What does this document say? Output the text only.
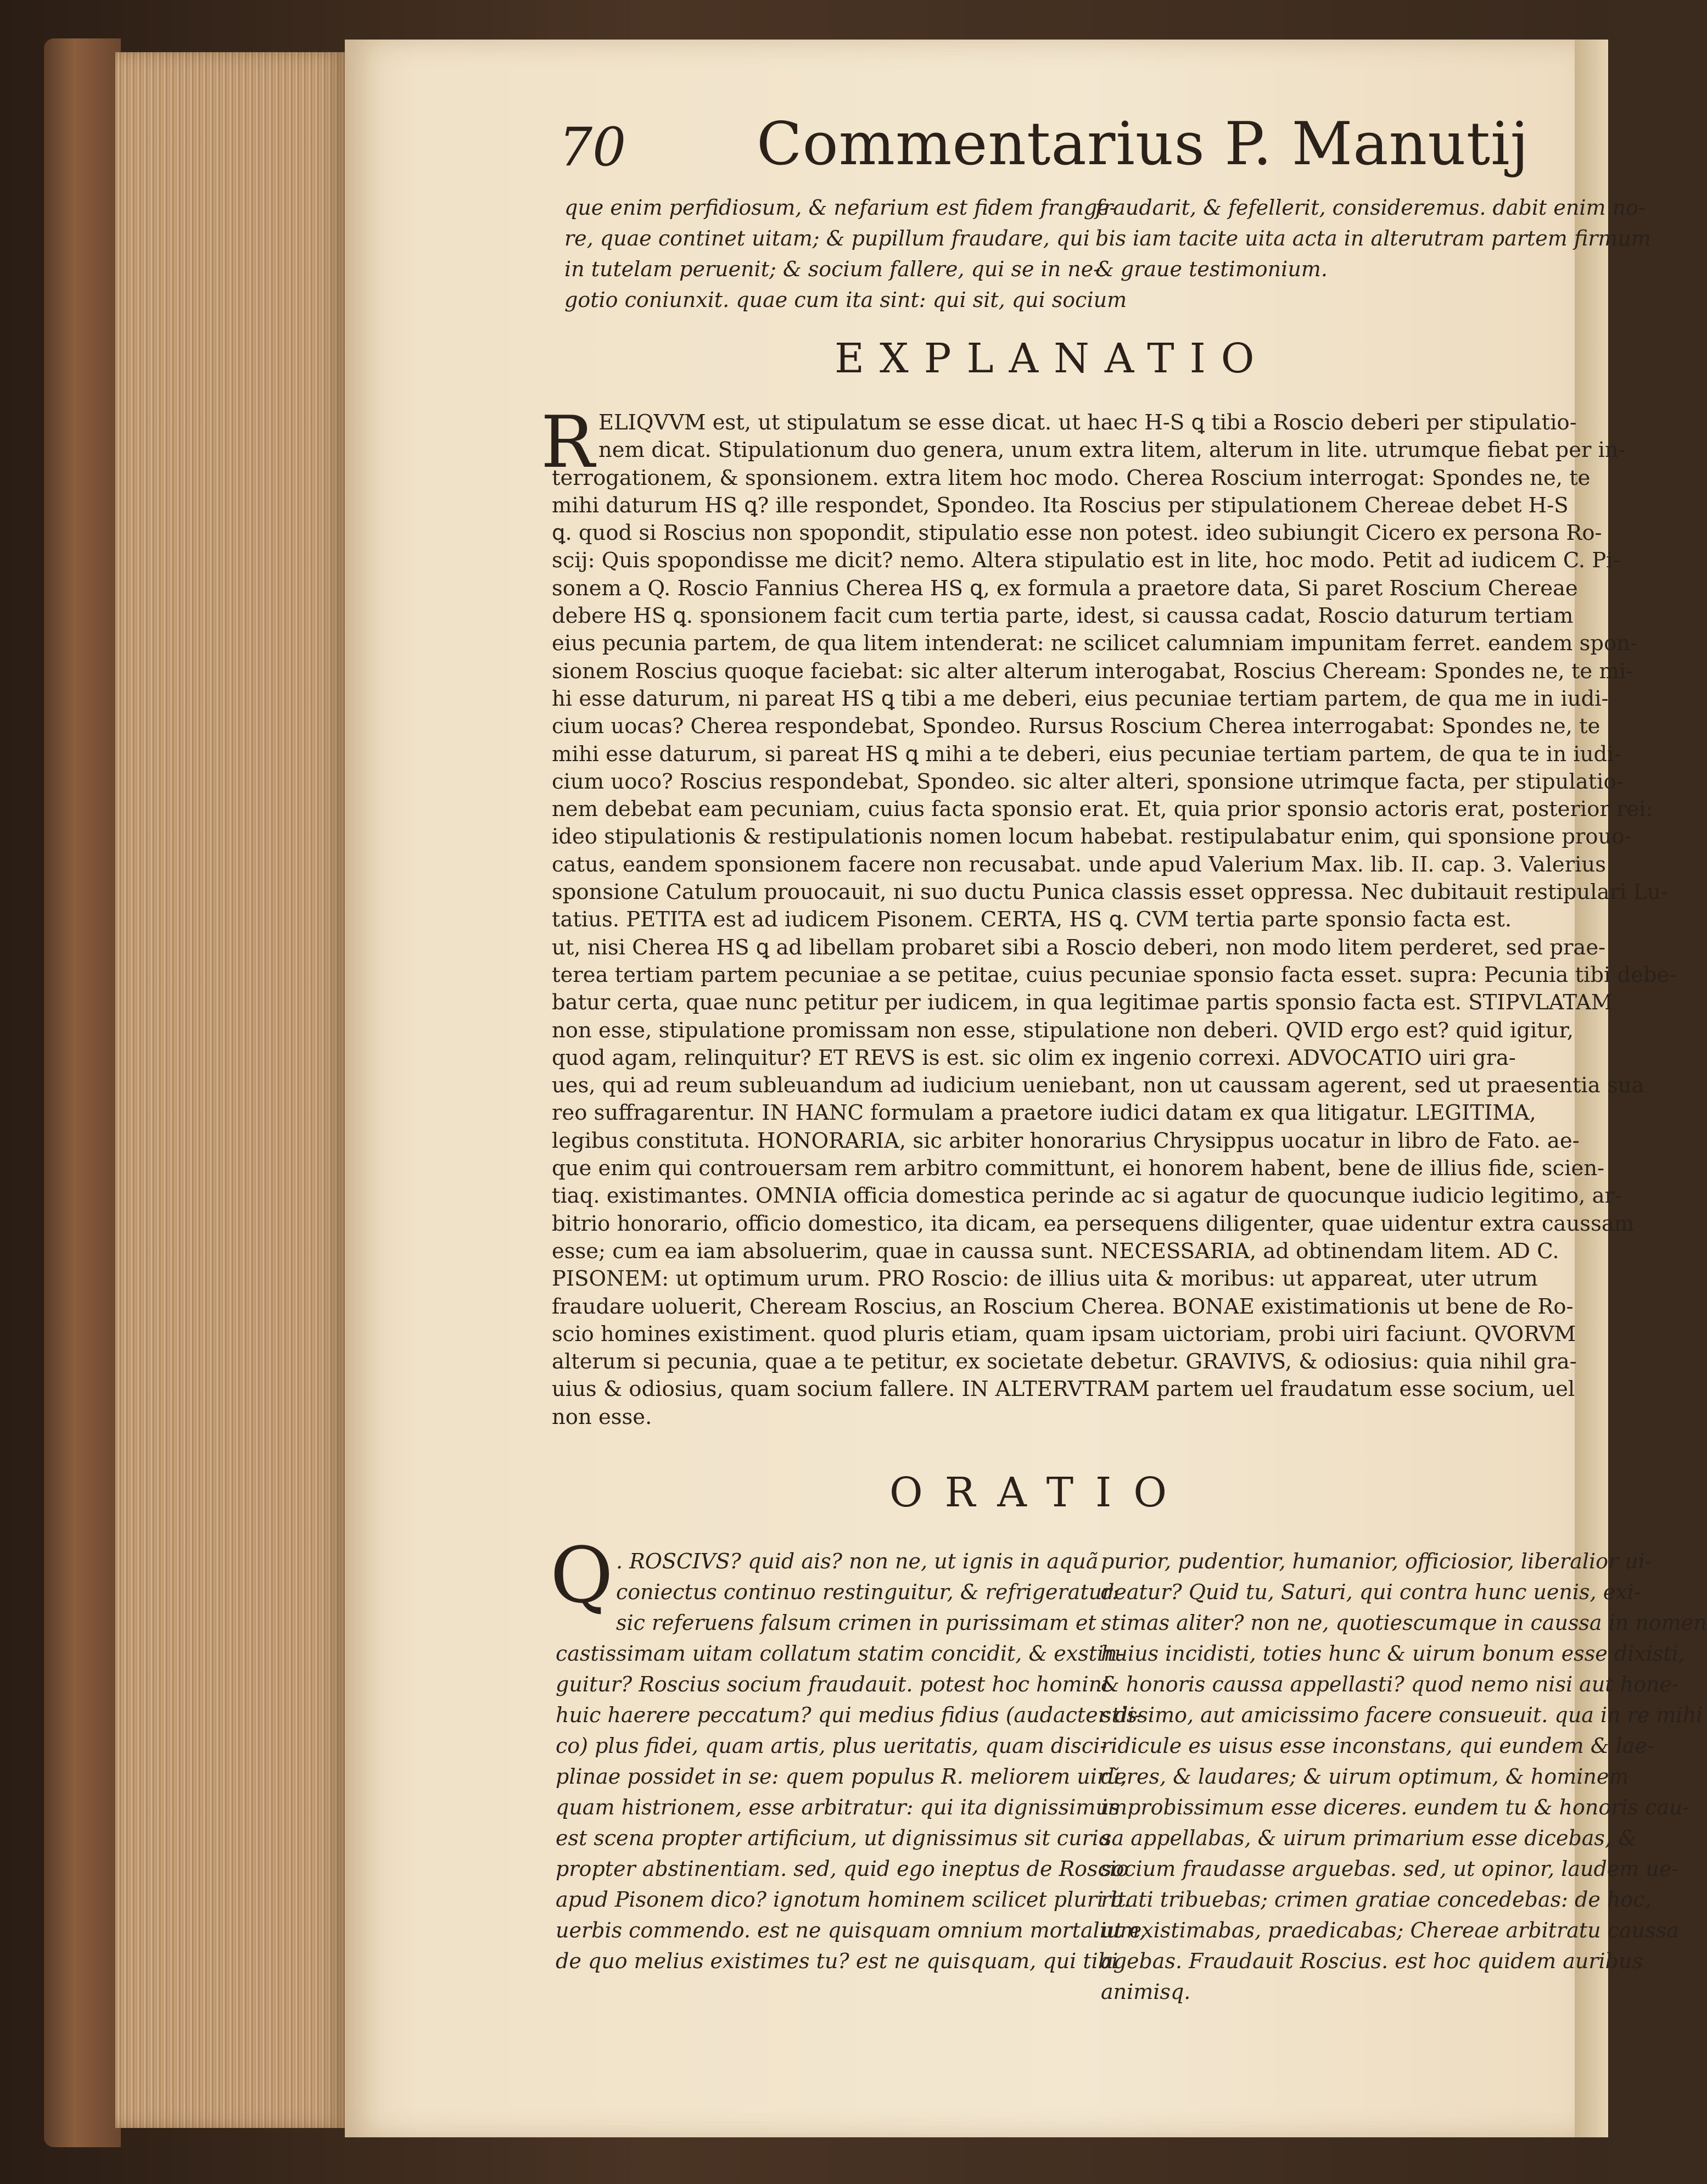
70 Commentarius P. Manutij
que enim perfidiosum, & nefarium est fidem frange-
re, quae continet uitam; & pupillum fraudare, qui
in tutelam peruenit; & socium fallere, qui se in ne-
gotio coniunxit. quae cum ita sint: qui sit, qui socium
fraudarit, & fefellerit, consideremus. dabit enim no-
bis iam tacite uita acta in alterutram partem firmum
& graue testimonium.
EXPLANATIO
R ELIQVVM est, ut stipulatum se esse dicat. ut haec H-S ꝗ tibi a Roscio deberi per stipulatio-
nem dicat. Stipulationum duo genera, unum extra litem, alterum in lite. utrumque fiebat per in-
terrogationem, & sponsionem. extra litem hoc modo. Cherea Roscium interrogat: Spondes ne, te
mihi daturum HS ꝗ? ille respondet, Spondeo. Ita Roscius per stipulationem Chereae debet H-S
ꝗ. quod si Roscius non spopondit, stipulatio esse non potest. ideo subiungit Cicero ex persona Ro-
scij: Quis spopondisse me dicit? nemo. Altera stipulatio est in lite, hoc modo. Petit ad iudicem C. Pi-
sonem a Q. Roscio Fannius Cherea HS ꝗ, ex formula a praetore data, Si paret Roscium Chereae
debere HS ꝗ. sponsionem facit cum tertia parte, idest, si caussa cadat, Roscio daturum tertiam
eius pecunia partem, de qua litem intenderat: ne scilicet calumniam impunitam ferret. eandem spon-
sionem Roscius quoque faciebat: sic alter alterum interogabat, Roscius Cheream: Spondes ne, te mi-
hi esse daturum, ni pareat HS ꝗ tibi a me deberi, eius pecuniae tertiam partem, de qua me in iudi-
cium uocas? Cherea respondebat, Spondeo. Rursus Roscium Cherea interrogabat: Spondes ne, te
mihi esse daturum, si pareat HS ꝗ mihi a te deberi, eius pecuniae tertiam partem, de qua te in iudi-
cium uoco? Roscius respondebat, Spondeo. sic alter alteri, sponsione utrimque facta, per stipulatio-
nem debebat eam pecuniam, cuius facta sponsio erat. Et, quia prior sponsio actoris erat, posterior rei:
ideo stipulationis & restipulationis nomen locum habebat. restipulabatur enim, qui sponsione prouo-
catus, eandem sponsionem facere non recusabat. unde apud Valerium Max. lib. II. cap. 3. Valerius
sponsione Catulum prouocauit, ni suo ductu Punica classis esset oppressa. Nec dubitauit restipulari Lu-
tatius. PETITA est ad iudicem Pisonem. CERTA, HS ꝗ. CVM tertia parte sponsio facta est.
ut, nisi Cherea HS ꝗ ad libellam probaret sibi a Roscio deberi, non modo litem perderet, sed prae-
terea tertiam partem pecuniae a se petitae, cuius pecuniae sponsio facta esset. supra: Pecunia tibi debe-
batur certa, quae nunc petitur per iudicem, in qua legitimae partis sponsio facta est. STIPVLATAM
non esse, stipulatione promissam non esse, stipulatione non deberi. QVID ergo est? quid igitur,
quod agam, relinquitur? ET REVS is est. sic olim ex ingenio correxi. ADVOCATIO uiri gra-
ues, qui ad reum subleuandum ad iudicium ueniebant, non ut caussam agerent, sed ut praesentia sua
reo suffragarentur. IN HANC formulam a praetore iudici datam ex qua litigatur. LEGITIMA,
legibus constituta. HONORARIA, sic arbiter honorarius Chrysippus uocatur in libro de Fato. ae-
que enim qui controuersam rem arbitro committunt, ei honorem habent, bene de illius fide, scien-
tiaq. existimantes. OMNIA officia domestica perinde ac si agatur de quocunque iudicio legitimo, ar-
bitrio honorario, officio domestico, ita dicam, ea persequens diligenter, quae uidentur extra caussam
esse; cum ea iam absoluerim, quae in caussa sunt. NECESSARIA, ad obtinendam litem. AD C.
PISONEM: ut optimum urum. PRO Roscio: de illius uita & moribus: ut appareat, uter utrum
fraudare uoluerit, Cheream Roscius, an Roscium Cherea. BONAE existimationis ut bene de Ro-
scio homines existiment. quod pluris etiam, quam ipsam uictoriam, probi uiri faciunt. QVORVM
alterum si pecunia, quae a te petitur, ex societate debetur. GRAVIVS, & odiosius: quia nihil gra-
uius & odiosius, quam socium fallere. IN ALTERVTRAM partem uel fraudatum esse socium, uel
non esse.
ORATIO
Q . ROSCIVS? quid ais? non ne, ut ignis in aquã
coniectus continuo restinguitur, & refrigeratur:
sic referuens falsum crimen in purissimam et
castissimam uitam collatum statim concidit, & exstin-
guitur? Roscius socium fraudauit. potest hoc homini
huic haerere peccatum? qui medius fidius (audacter di-
co) plus fidei, quam artis, plus ueritatis, quam disci-
plinae possidet in se: quem populus R. meliorem uirũ,
quam histrionem, esse arbitratur: qui ita dignissimus
est scena propter artificium, ut dignissimus sit curia
propter abstinentiam. sed, quid ego ineptus de Roscio
apud Pisonem dico? ignotum hominem scilicet pluri b.
uerbis commendo. est ne quisquam omnium mortalium,
de quo melius existimes tu? est ne quisquam, qui tibi
purior, pudentior, humanior, officiosior, liberalior ui-
deatur? Quid tu, Saturi, qui contra hunc uenis, exi-
stimas aliter? non ne, quotiescumque in caussa in nomen
huius incidisti, toties hunc & uirum bonum esse dixisti,
& honoris caussa appellasti? quod nemo nisi aut hone-
stissimo, aut amicissimo facere consueuit. qua in re mihi
ridicule es uisus esse inconstans, qui eundem & lae-
deres, & laudares; & uirum optimum, & hominem
improbissimum esse diceres. eundem tu & honoris cau-
sa appellabas, & uirum primarium esse dicebas, &
socium fraudasse arguebas. sed, ut opinor, laudem ue-
ritati tribuebas; crimen gratiae concedebas: de hoc,
ut existimabas, praedicabas; Chereae arbitratu caussa
agebas. Fraudauit Roscius. est hoc quidem auribus
animisq.
